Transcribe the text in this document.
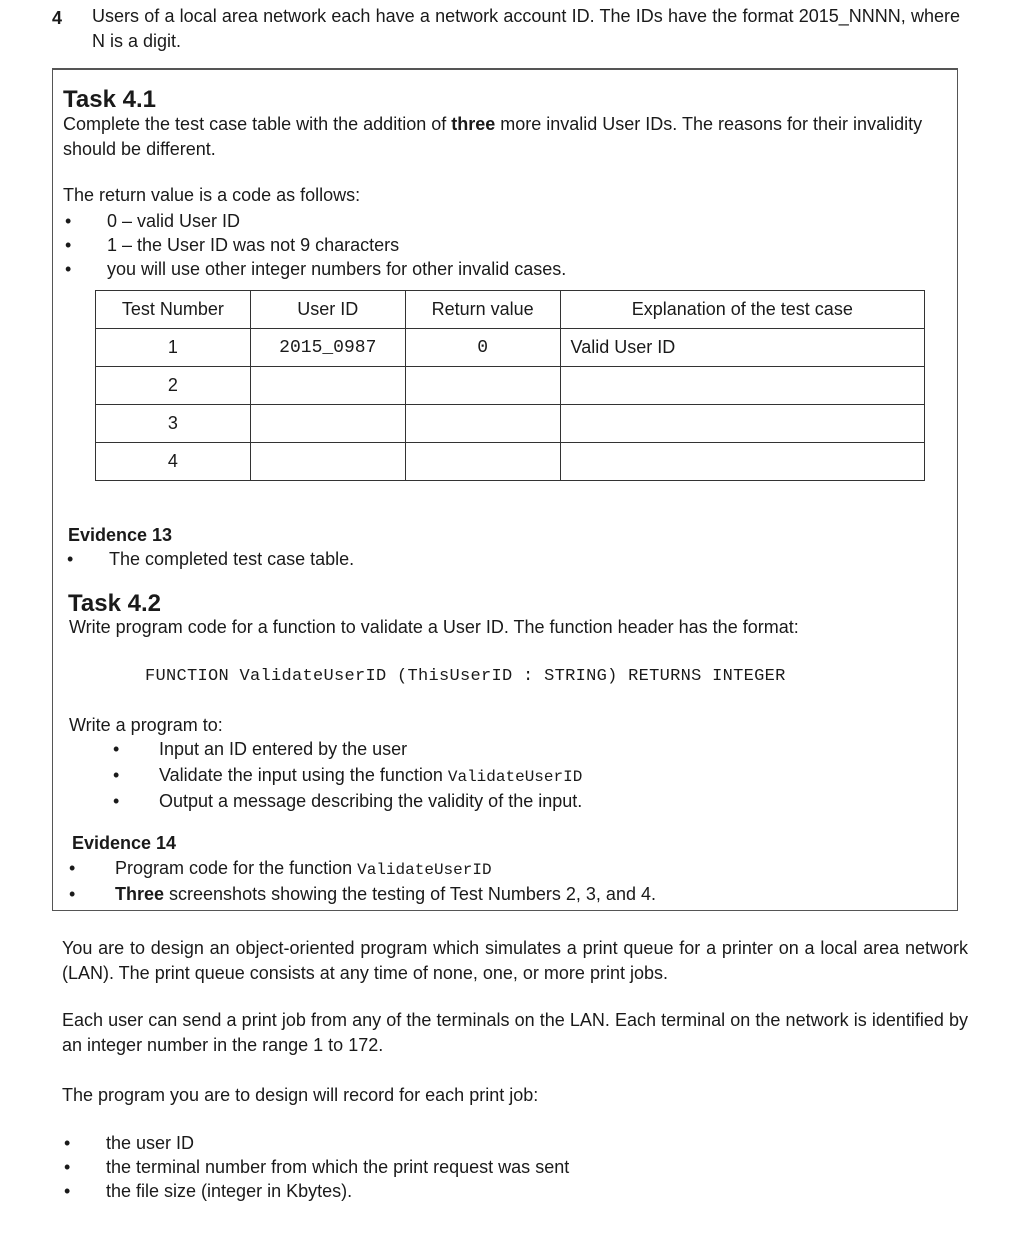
4 Users of a local area network each have a network account ID. The IDs have the format 2015_NNNN, where N is a digit.
Task 4.1
Complete the test case table with the addition of three more invalid User IDs. The reasons for their invalidity should be different.
The return value is a code as follows:
• 0 – valid User ID
• 1 – the User ID was not 9 characters
• you will use other integer numbers for other invalid cases.
Test Number	User ID	Return value	Explanation of the test case
1	2015_0987	0	Valid User ID
2			
3			
4			
Evidence 13
• The completed test case table.
Task 4.2
Write program code for a function to validate a User ID. The function header has the format:
FUNCTION ValidateUserID (ThisUserID : STRING) RETURNS INTEGER
Write a program to:
• Input an ID entered by the user
• Validate the input using the function ValidateUserID
• Output a message describing the validity of the input.
Evidence 14
• Program code for the function ValidateUserID
• Three screenshots showing the testing of Test Numbers 2, 3, and 4.
You are to design an object-oriented program which simulates a print queue for a printer on a local area network (LAN). The print queue consists at any time of none, one, or more print jobs.
Each user can send a print job from any of the terminals on the LAN. Each terminal on the network is identified by an integer number in the range 1 to 172.
The program you are to design will record for each print job:
• the user ID
• the terminal number from which the print request was sent
• the file size (integer in Kbytes).
